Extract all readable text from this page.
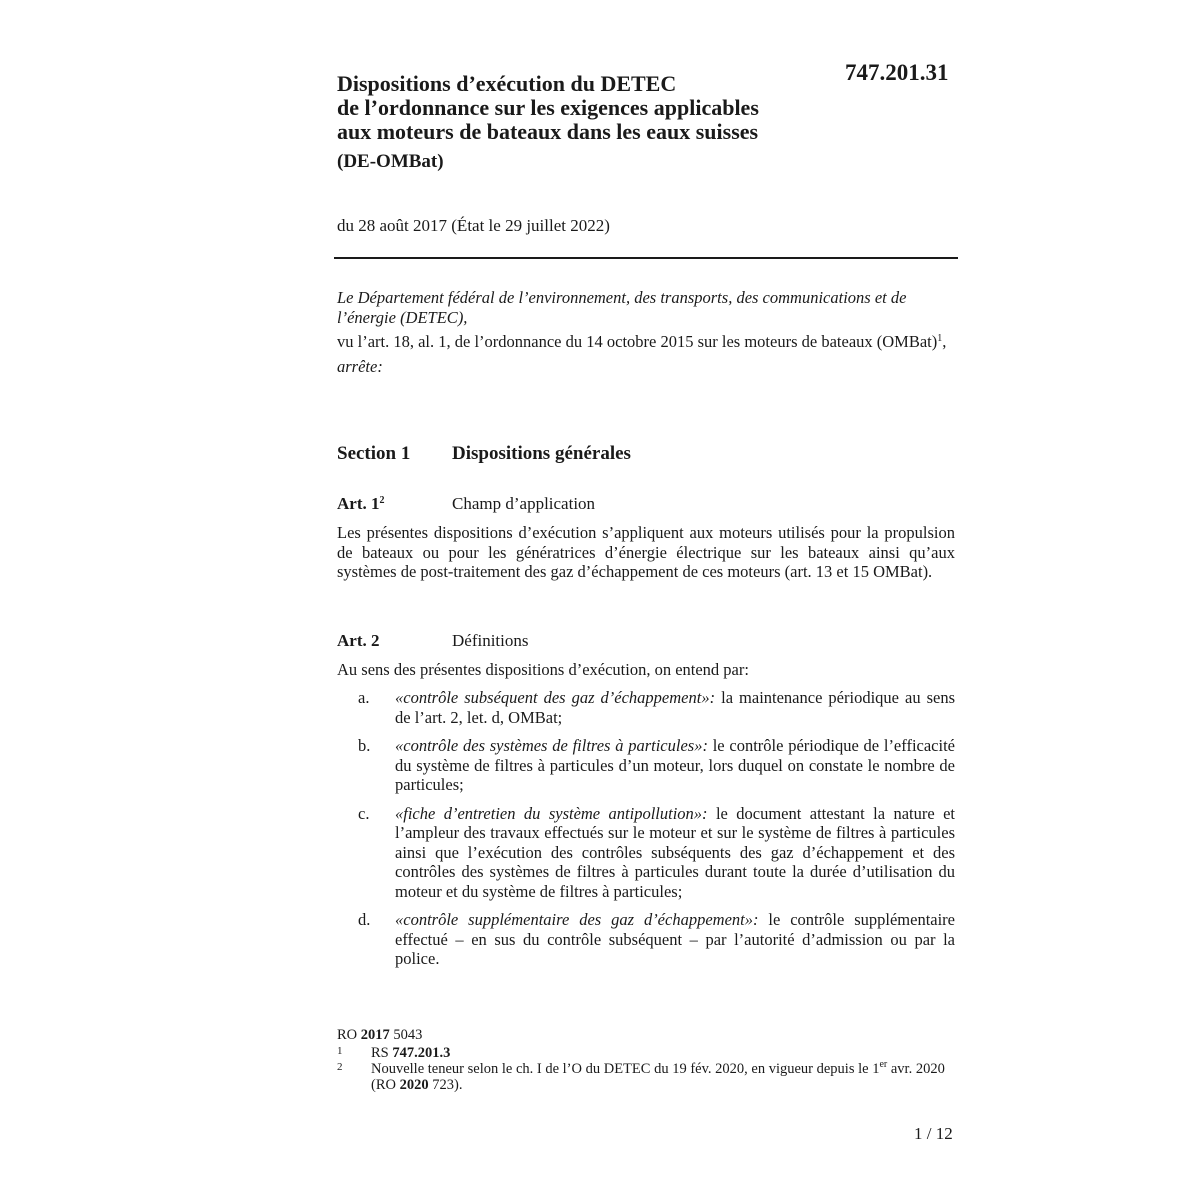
747.201.31
Dispositions d’exécution du DETEC
de l’ordonnance sur les exigences applicables
aux moteurs de bateaux dans les eaux suisses
(DE-OMBat)
du 28 août 2017 (État le 29 juillet 2022)

Le Département fédéral de l’environnement, des transports, des communications et de l’énergie (DETEC),

vu l’art. 18, al. 1, de l’ordonnance du 14 octobre 2015 sur les moteurs de bateaux (OMBat)$^1$,

arrête:

Section 1 Dispositions générales
Art. $1^2$	Champ d’application

Les présentes dispositions d’exécution s’appliquent aux moteurs utilisés pour la propulsion de bateaux ou pour les génératrices d’énergie électrique sur les bateaux ainsi qu’aux systèmes de post-traitement des gaz d’échappement de ces moteurs (art. 13 et 15 OMBat).

Art. 2	Définitions

Au sens des présentes dispositions d’exécution, on entend par:

a. «contrôle subséquent des gaz d’échappement»: la maintenance périodique au sens de l’art. 2, let. d, OMBat;
b. «contrôle des systèmes de filtres à particules»: le contrôle périodique de l’efficacité du système de filtres à particules d’un moteur, lors duquel on constate le nombre de particules;
c. «fiche d’entretien du système antipollution»: le document attestant la nature et l’ampleur des travaux effectués sur le moteur et sur le système de filtres à particules ainsi que l’exécution des contrôles subséquents des gaz d’échappement et des contrôles des systèmes de filtres à particules durant toute la durée d’utilisation du moteur et du système de filtres à particules;
d. «contrôle supplémentaire des gaz d’échappement»: le contrôle supplémentaire effectué – en sus du contrôle subséquent – par l’autorité d’admission ou par la police.
RO 2017 5043
1 RS 747.201.3
2 Nouvelle teneur selon le ch. I de l’O du DETEC du 19 fév. 2020, en vigueur depuis le 1er avr. 2020 (RO 2020 723).
1 / 12
